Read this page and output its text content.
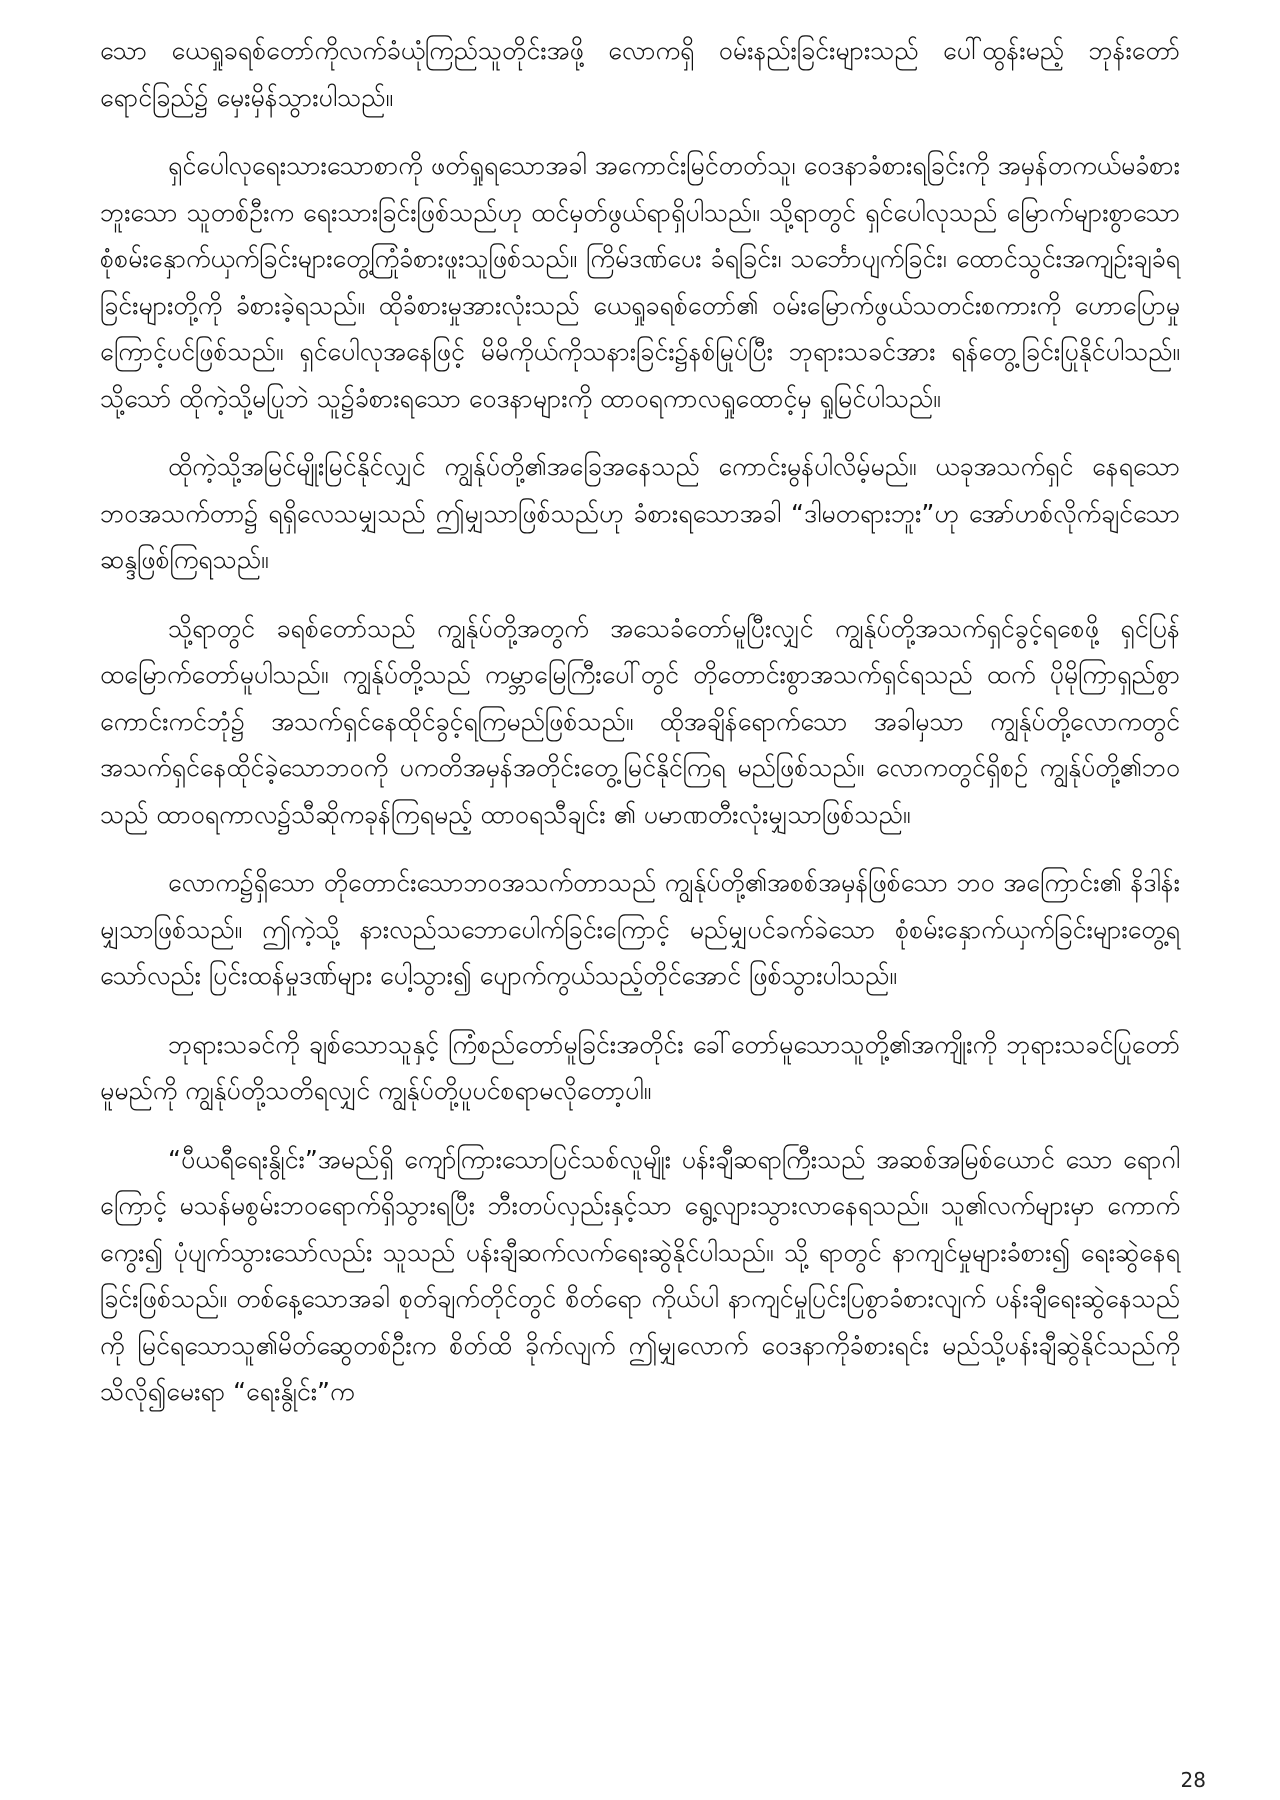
သော ယေရှုခရစ်တော်ကိုလက်ခံယုံကြည်သူတိုင်းအဖို့ လောကရှိ ဝမ်းနည်းခြင်းများသည် ပေါ်ထွန်းမည့် ဘုန်းတော်ရောင်ခြည်၌ မှေးမှိန်သွားပါသည်။

ရှင်ပေါလုရေးသားသောစာကို ဖတ်ရှုရသောအခါ အကောင်းမြင်တတ်သူ၊ ဝေဒနာခံစားရခြင်းကို အမှန်တကယ်မခံစားဘူးသော သူတစ်ဦးက ရေးသားခြင်းဖြစ်သည်ဟု ထင်မှတ်ဖွယ်ရာရှိပါသည်။ သို့ရာတွင် ရှင်ပေါလုသည် မြောက်များစွာသော စုံစမ်းနှောက်ယှက်ခြင်းများတွေ့ကြုံခံစားဖူးသူဖြစ်သည်။ ကြိမ်ဒဏ်ပေး ခံရခြင်း၊ သင်္ဘောပျက်ခြင်း၊ ထောင်သွင်းအကျဉ်းချခံရခြင်းများတို့ကို ခံစားခဲ့ရသည်။ ထိုခံစားမှုအားလုံးသည် ယေရှုခရစ်တော်၏ ဝမ်းမြောက်ဖွယ်သတင်းစကားကို ဟောပြောမှုကြောင့်ပင်ဖြစ်သည်။ ရှင်ပေါလုအနေဖြင့် မိမိကိုယ်ကိုသနားခြင်း၌နစ်မြုပ်ပြီး ဘုရားသခင်အား ရန်တွေ့ခြင်းပြုနိုင်ပါသည်။ သို့သော် ထိုကဲ့သို့မပြုဘဲ သူ၌ခံစားရသော ဝေဒနာများကို ထာဝရကာလရှုထောင့်မှ ရှုမြင်ပါသည်။

ထိုကဲ့သို့အမြင်မျိုးမြင်နိုင်လျှင် ကျွန်ုပ်တို့၏အခြေအနေသည် ကောင်းမွန်ပါလိမ့်မည်။ ယခုအသက်ရှင် နေရသော ဘဝအသက်တာ၌ ရရှိလေသမျှသည် ဤမျှသာဖြစ်သည်ဟု ခံစားရသောအခါ “ဒါမတရားဘူး”ဟု အော်ဟစ်လိုက်ချင်သော ဆန္ဒဖြစ်ကြရသည်။

သို့ရာတွင် ခရစ်တော်သည် ကျွန်ုပ်တို့အတွက် အသေခံတော်မူပြီးလျှင် ကျွန်ုပ်တို့အသက်ရှင်ခွင့်ရစေဖို့ ရှင်ပြန်ထမြောက်တော်မူပါသည်။ ကျွန်ုပ်တို့သည် ကမ္ဘာမြေကြီးပေါ်တွင် တိုတောင်းစွာအသက်ရှင်ရသည် ထက် ပိုမိုကြာရှည်စွာ ကောင်းကင်ဘုံ၌ အသက်ရှင်နေထိုင်ခွင့်ရကြမည်ဖြစ်သည်။ ထိုအချိန်ရောက်သော အခါမှသာ ကျွန်ုပ်တို့လောကတွင် အသက်ရှင်နေထိုင်ခဲ့သောဘဝကို ပကတိအမှန်အတိုင်းတွေ့မြင်နိုင်ကြရ မည်ဖြစ်သည်။ လောကတွင်ရှိစဉ် ကျွန်ုပ်တို့၏ဘဝသည် ထာဝရကာလ၌သီဆိုကခုန်ကြရမည့် ထာဝရသီချင်း ၏ ပမာဏတီးလုံးမျှသာဖြစ်သည်။

လောက၌ရှိသော တိုတောင်းသောဘဝအသက်တာသည် ကျွန်ုပ်တို့၏အစစ်အမှန်ဖြစ်သော ဘဝ အကြောင်း၏ နိဒါန်းမျှသာဖြစ်သည်။ ဤကဲ့သို့ နားလည်သဘောပေါက်ခြင်းကြောင့် မည်မျှပင်ခက်ခဲသော စုံစမ်းနှောက်ယှက်ခြင်းများတွေ့ရသော်လည်း ပြင်းထန်မှုဒဏ်များ ပေါ့သွား၍ ပျောက်ကွယ်သည့်တိုင်အောင် ဖြစ်သွားပါသည်။

ဘုရားသခင်ကို ချစ်သောသူနှင့် ကြံစည်တော်မူခြင်းအတိုင်း ခေါ်တော်မူသောသူတို့၏အကျိုးကို ဘုရားသခင်ပြုတော်မူမည်ကို ကျွန်ုပ်တို့သတိရလျှင် ကျွန်ုပ်တို့ပူပင်စရာမလိုတော့ပါ။

“ပီယရီရေးနွိုင်း”အမည်ရှိ ကျော်ကြားသောပြင်သစ်လူမျိုး ပန်းချီဆရာကြီးသည် အဆစ်အမြစ်ယောင် သော ရောဂါကြောင့် မသန်မစွမ်းဘဝရောက်ရှိသွားရပြီး ဘီးတပ်လှည်းနှင့်သာ ရွေ့လျားသွားလာနေရသည်။ သူ၏လက်များမှာ ကောက်ကွေး၍ ပုံပျက်သွားသော်လည်း သူသည် ပန်းချီဆက်လက်ရေးဆွဲနိုင်ပါသည်။ သို့ ရာတွင် နာကျင်မှုများခံစား၍ ရေးဆွဲနေရခြင်းဖြစ်သည်။ တစ်နေ့သောအခါ စုတ်ချက်တိုင်တွင် စိတ်ရော ကိုယ်ပါ နာကျင်မှုပြင်းပြစွာခံစားလျက် ပန်းချီရေးဆွဲနေသည်ကို မြင်ရသောသူ၏မိတ်ဆွေတစ်ဦးက စိတ်ထိ ခိုက်လျက် ဤမျှလောက် ဝေဒနာကိုခံစားရင်း မည်သို့ပန်းချီဆွဲနိုင်သည်ကို သိလို၍မေးရာ “ရေးနွိုင်း”က

28
